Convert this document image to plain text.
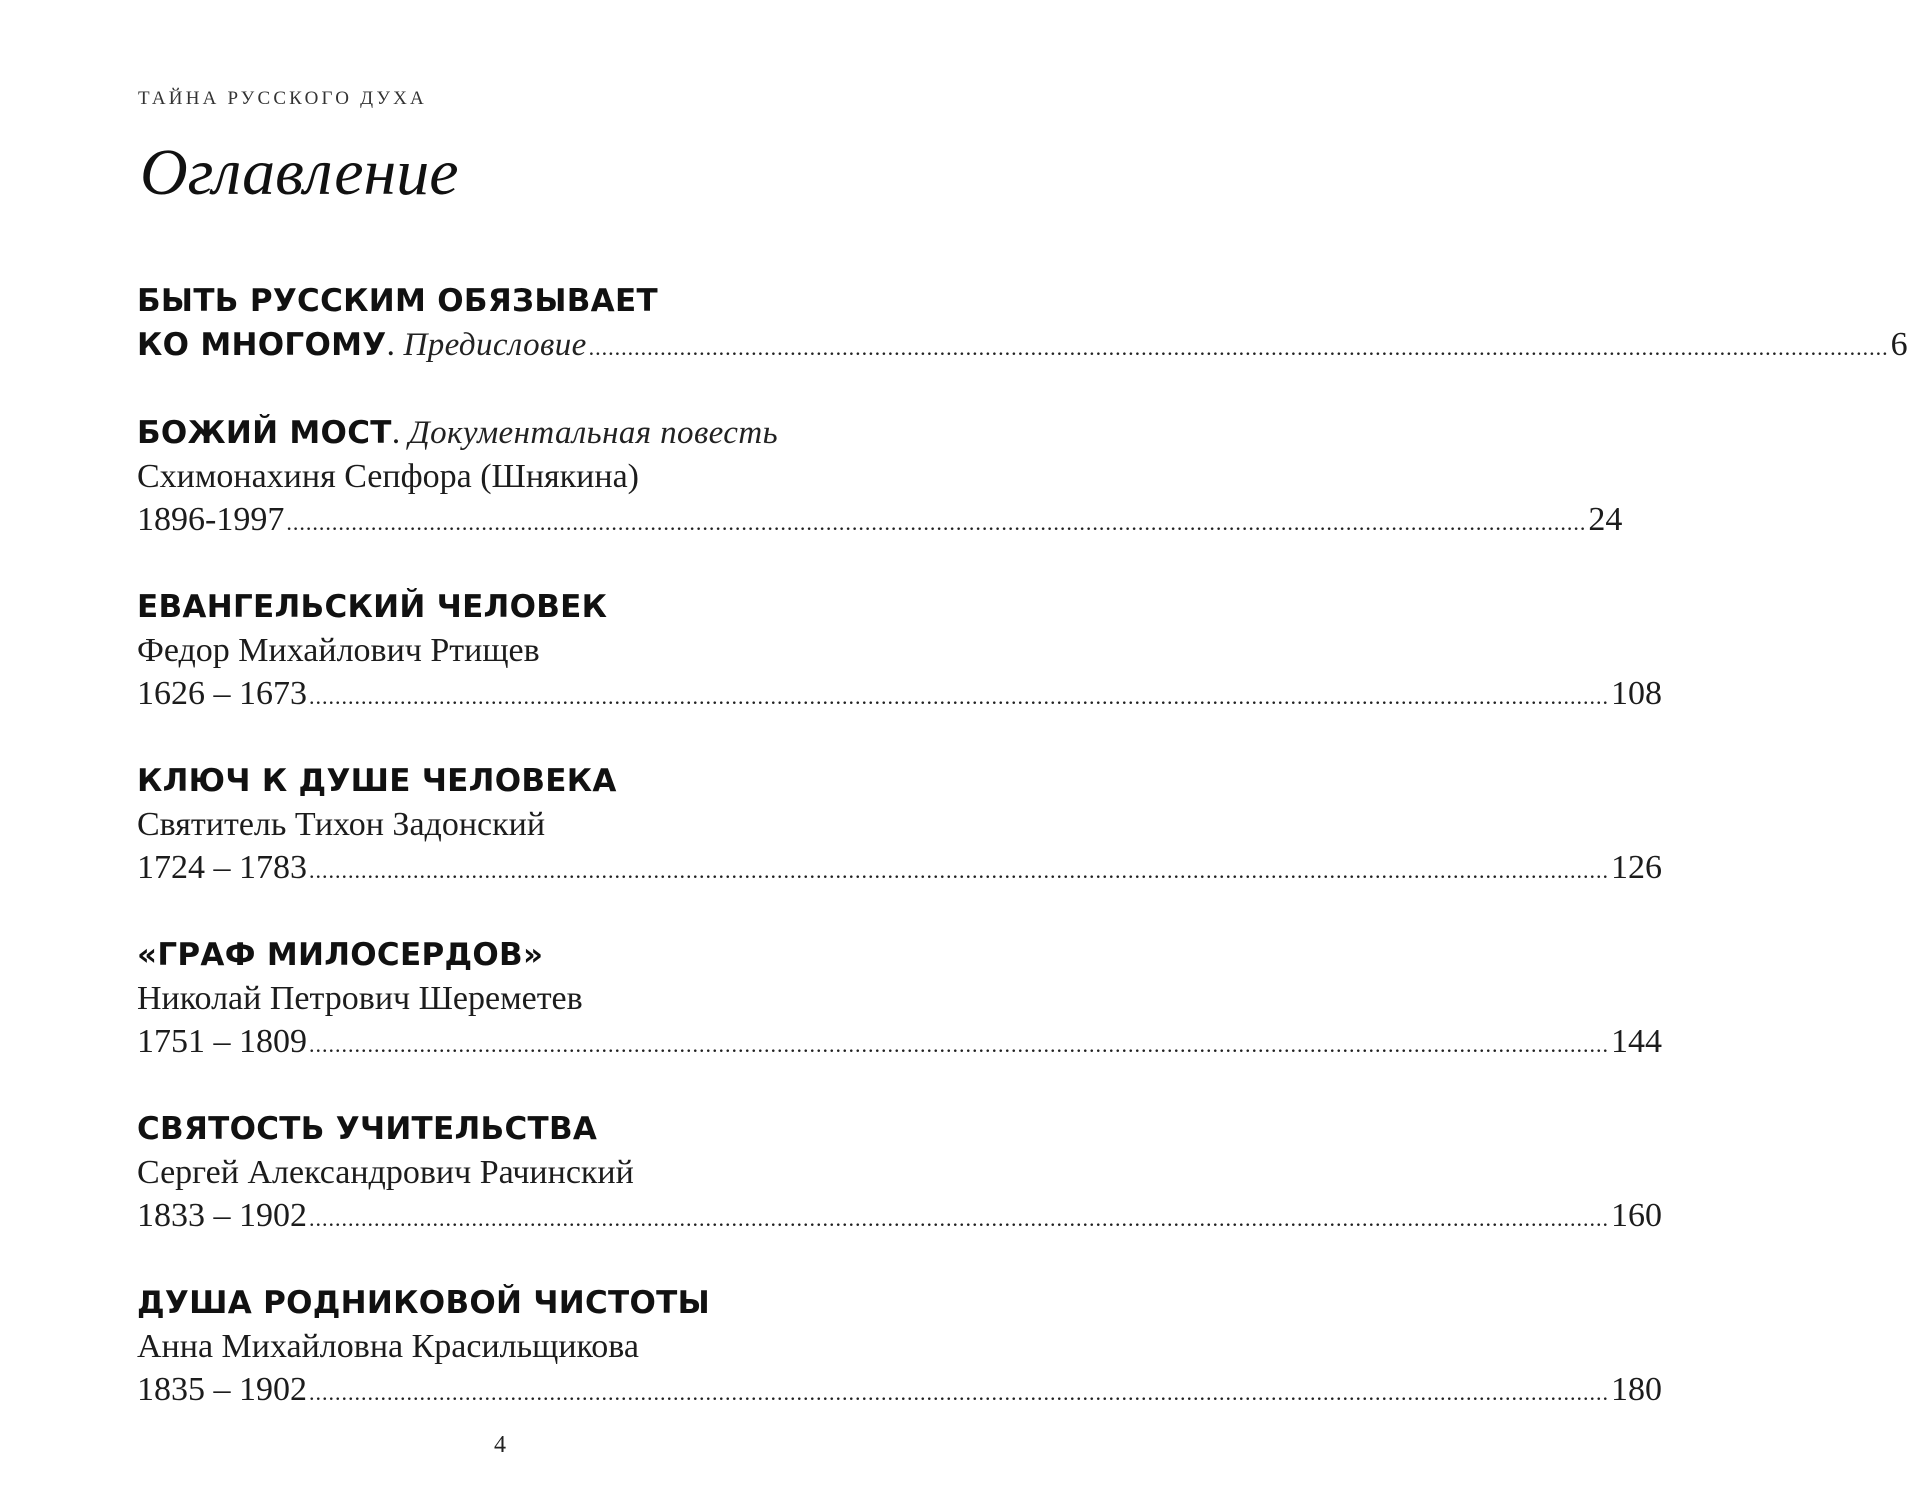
ТАЙНА РУССКОГО ДУХА
Оглавление
БЫТЬ РУССКИМ ОБЯЗЫВАЕТ
КО МНОГОМУ. Предисловие ........................................................................................................................................................................................................ 6
БОЖИЙ МОСТ. Документальная повесть
Схимонахиня Сепфора (Шнякина)
1896-1997 ........................................................................................................................................................................................................ 24
ЕВАНГЕЛЬСКИЙ ЧЕЛОВЕК
Федор Михайлович Ртищев
1626 – 1673 ........................................................................................................................................................................................................ 108
КЛЮЧ К ДУШЕ ЧЕЛОВЕКА
Святитель Тихон Задонский
1724 – 1783 ........................................................................................................................................................................................................ 126
«ГРАФ МИЛОСЕРДОВ»
Николай Петрович Шереметев
1751 – 1809 ........................................................................................................................................................................................................ 144
СВЯТОСТЬ УЧИТЕЛЬСТВА
Сергей Александрович Рачинский
1833 – 1902 ........................................................................................................................................................................................................ 160
ДУША РОДНИКОВОЙ ЧИСТОТЫ
Анна Михайловна Красильщикова
1835 – 1902 ........................................................................................................................................................................................................ 180
4
